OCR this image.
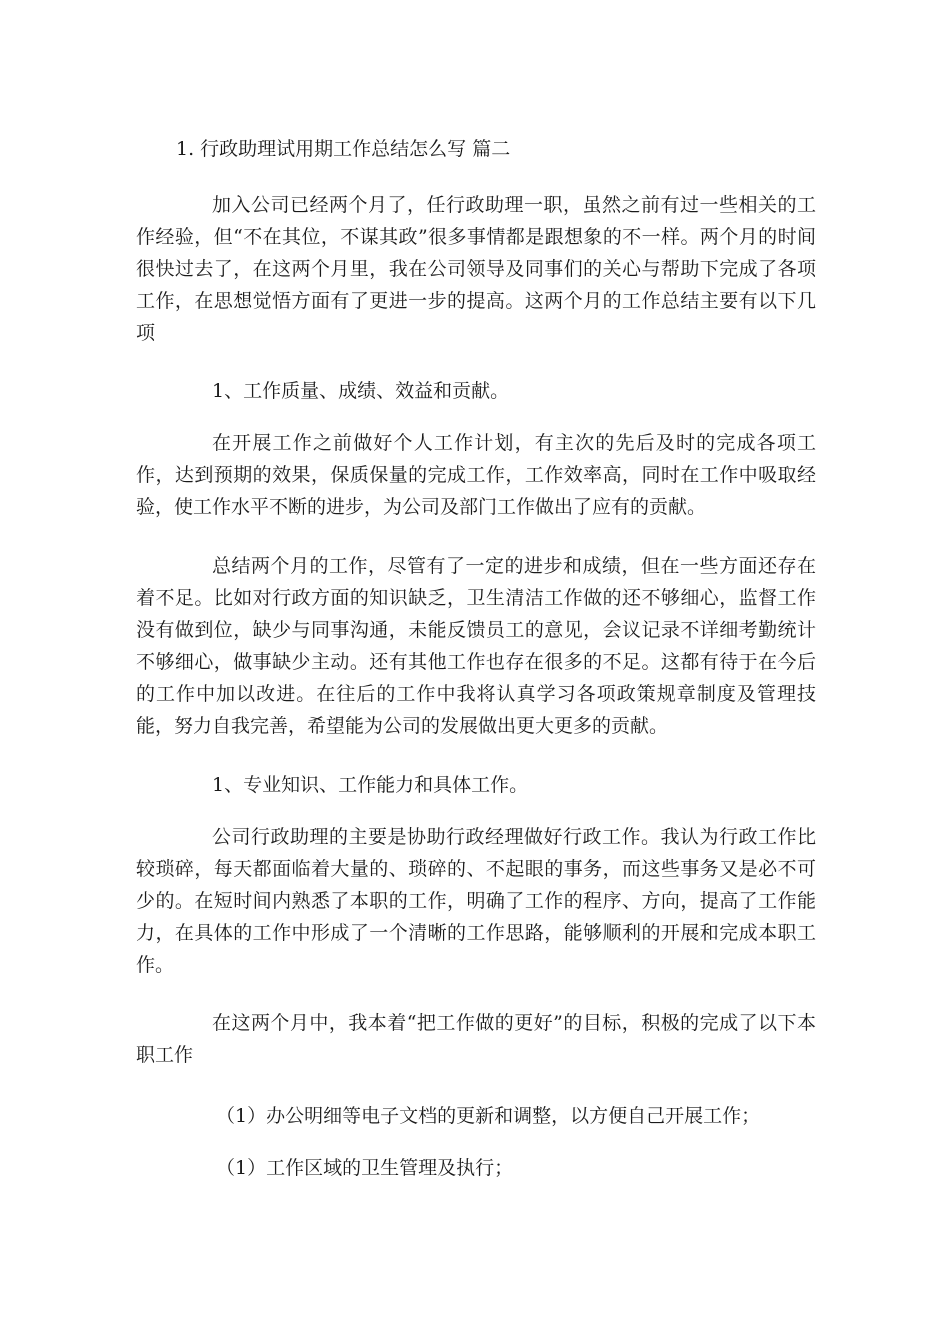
1. 行政助理试用期工作总结怎么写 篇二

加入公司已经两个月了，任行政助理一职，虽然之前有过一些相关的工作经验，但“不在其位，不谋其政”很多事情都是跟想象的不一样。两个月的时间很快过去了，在这两个月里，我在公司领导及同事们的关心与帮助下完成了各项工作，在思想觉悟方面有了更进一步的提高。这两个月的工作总结主要有以下几项

1、工作质量、成绩、效益和贡献。

在开展工作之前做好个人工作计划，有主次的先后及时的完成各项工作，达到预期的效果，保质保量的完成工作，工作效率高，同时在工作中吸取经验，使工作水平不断的进步，为公司及部门工作做出了应有的贡献。

总结两个月的工作，尽管有了一定的进步和成绩，但在一些方面还存在着不足。比如对行政方面的知识缺乏，卫生清洁工作做的还不够细心，监督工作没有做到位，缺少与同事沟通，未能反馈员工的意见，会议记录不详细考勤统计不够细心，做事缺少主动。还有其他工作也存在很多的不足。这都有待于在今后的工作中加以改进。在往后的工作中我将认真学习各项政策规章制度及管理技能，努力自我完善，希望能为公司的发展做出更大更多的贡献。

1、专业知识、工作能力和具体工作。

公司行政助理的主要是协助行政经理做好行政工作。我认为行政工作比较琐碎，每天都面临着大量的、琐碎的、不起眼的事务，而这些事务又是必不可少的。在短时间内熟悉了本职的工作，明确了工作的程序、方向，提高了工作能力，在具体的工作中形成了一个清晰的工作思路，能够顺利的开展和完成本职工作。

在这两个月中，我本着“把工作做的更好”的目标，积极的完成了以下本职工作

（1）办公明细等电子文档的更新和调整，以方便自己开展工作；

（1）工作区域的卫生管理及执行；
